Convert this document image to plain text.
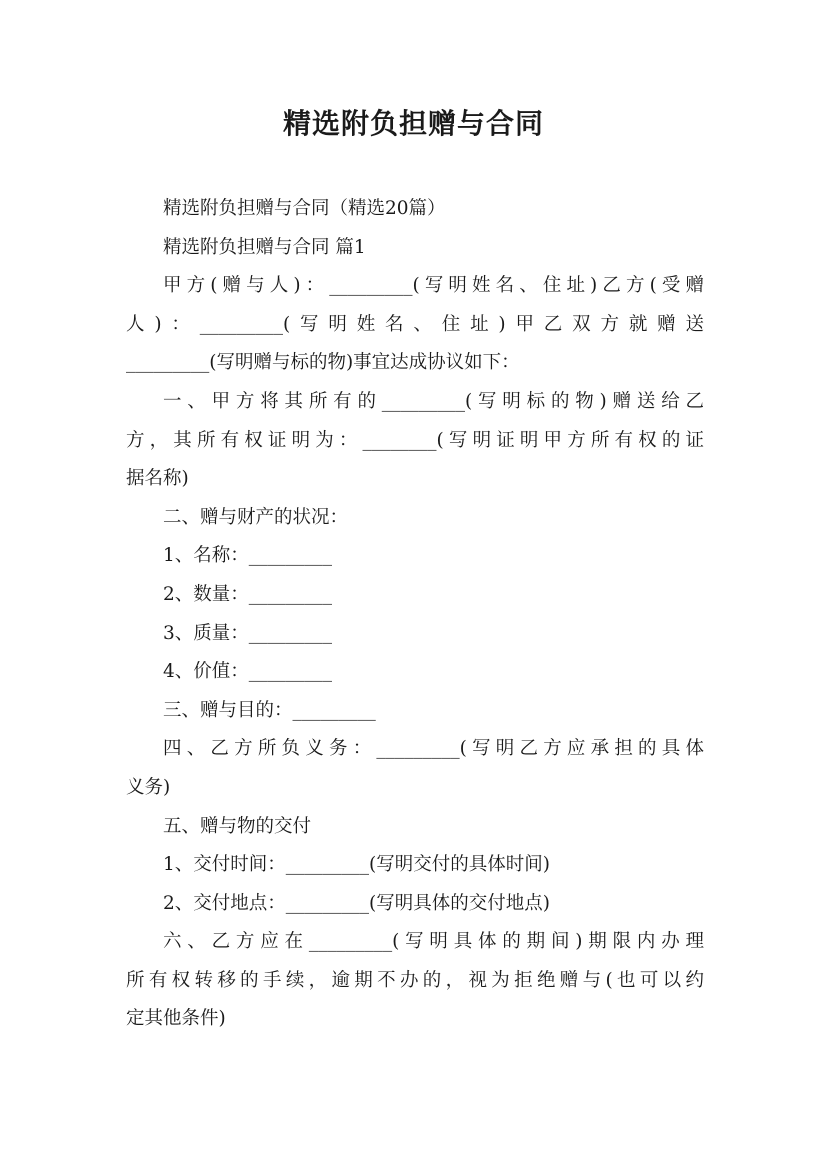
精选附负担赠与合同
精选附负担赠与合同（精选20篇）
精选附负担赠与合同 篇1
甲方(赠与人)：_________(写明姓名、住址)乙方(受赠
人)：_________(写明姓名、住址)甲乙双方就赠送
_________(写明赠与标的物)事宜达成协议如下：
一、甲方将其所有的_________(写明标的物)赠送给乙
方，其所有权证明为：________(写明证明甲方所有权的证
据名称)
二、赠与财产的状况：
1、名称：_________
2、数量：_________
3、质量：_________
4、价值：_________
三、赠与目的：_________
四、乙方所负义务：_________(写明乙方应承担的具体
义务)
五、赠与物的交付
1、交付时间：_________(写明交付的具体时间)
2、交付地点：_________(写明具体的交付地点)
六、乙方应在_________(写明具体的期间)期限内办理
所有权转移的手续，逾期不办的，视为拒绝赠与(也可以约
定其他条件)
